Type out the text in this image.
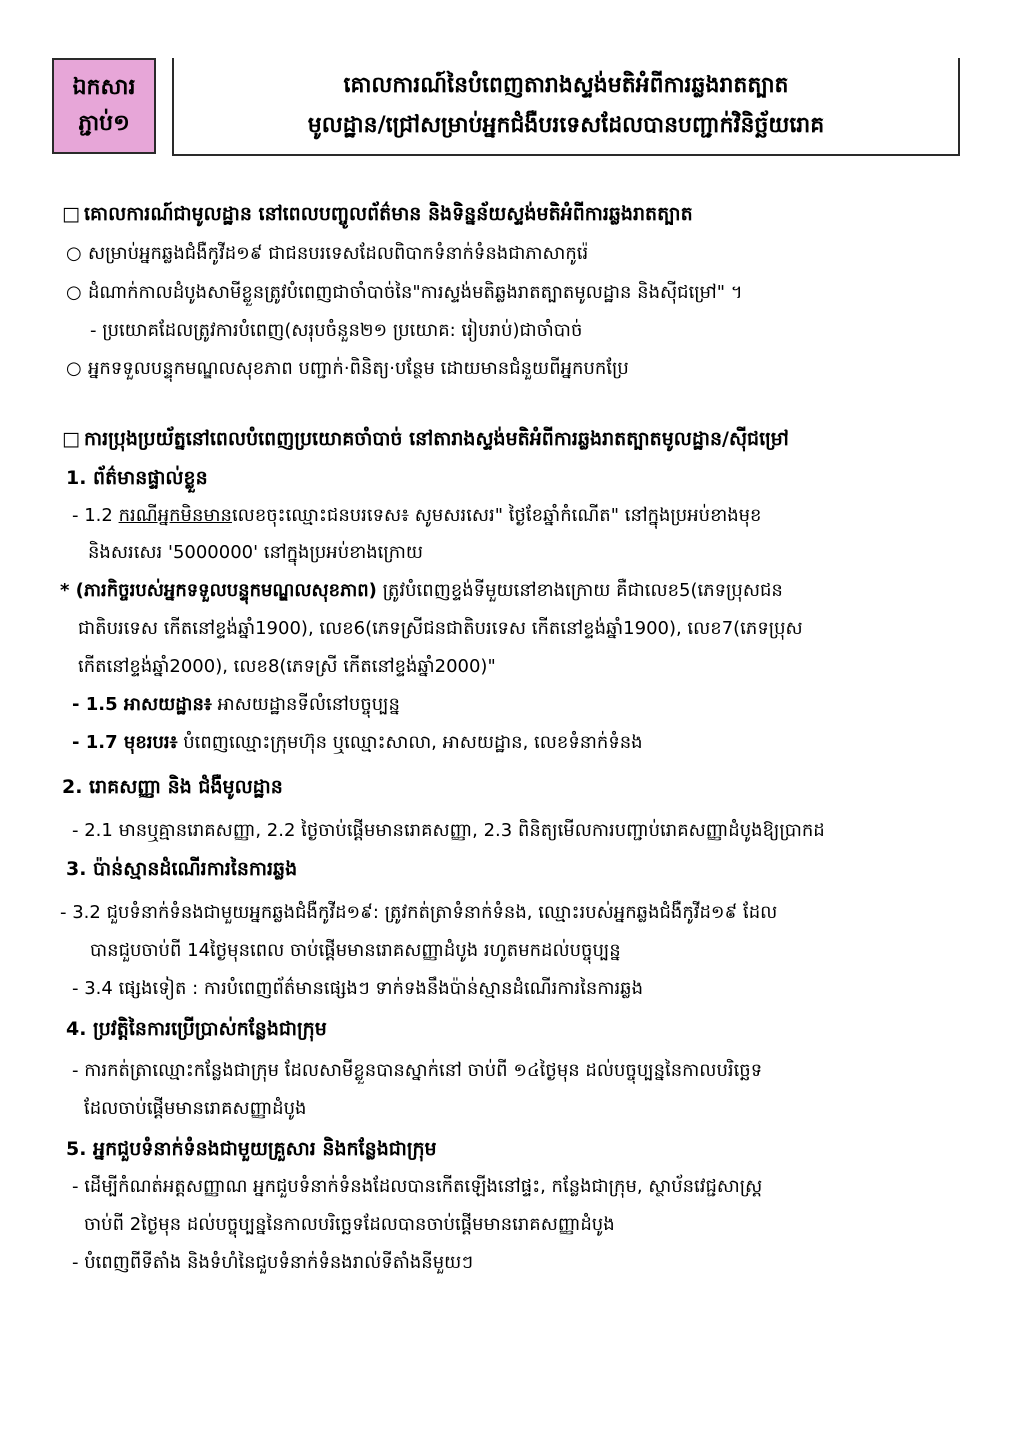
ឯកសារ
ភ្ជាប់១
គោលការណ៍នៃបំពេញតារាងស្ទង់មតិអំពីការឆ្លងរាតត្បាត
មូលដ្ឋាន/ជ្រៅសម្រាប់អ្នកជំងឺបរទេសដែលបានបញ្ជាក់វិនិច្ឆ័យរោគ
□ គោលការណ៍ជាមូលដ្ឋាន នៅពេលបញ្ចូលព័ត៌មាន និងទិន្នន័យស្ទង់មតិអំពីការឆ្លងរាតត្បាត
○ សម្រាប់អ្នកឆ្លងជំងឺកូវីដ១៩ ជាជនបរទេសដែលពិបាកទំនាក់ទំនងជាភាសាកូរ៉េ
○ ដំណាក់កាលដំបូងសាមីខ្លួនត្រូវបំពេញជាចាំបាច់នៃ"ការស្ទង់មតិឆ្លងរាតត្បាតមូលដ្ឋាន និងស៊ីជម្រៅ" ។
- ប្រយោគដែលត្រូវការបំពេញ(សរុបចំនួន២១ ប្រយោគ: រៀបរាប់)ជាចាំបាច់
○ អ្នកទទួលបន្ទុកមណ្ឌលសុខភាព បញ្ជាក់·ពិនិត្យ·បន្ថែម ដោយមានជំនួយពីអ្នកបកប្រែ
□ ការប្រុងប្រយ័ត្ននៅពេលបំពេញប្រយោគចាំបាច់ នៅតារាងស្ទង់មតិអំពីការឆ្លងរាតត្បាតមូលដ្ឋាន/ស៊ីជម្រៅ
1. ព័ត៌មានផ្ទាល់ខ្លួន
- 1.2 ករណីអ្នកមិនមានលេខចុះឈ្មោះជនបរទេស៖ សូមសរសេរ" ថ្ងៃខែឆ្នាំកំណើត" នៅក្នុងប្រអប់ខាងមុខ
និងសរសេរ '5000000' នៅក្នុងប្រអប់ខាងក្រោយ
* (ភារកិច្ចរបស់អ្នកទទួលបន្ទុកមណ្ឌលសុខភាព) ត្រូវបំពេញខ្ទង់ទីមួយនៅខាងក្រោយ គឺជាលេខ5(ភេទប្រុសជន
ជាតិបរទេស កើតនៅខ្ទង់ឆ្នាំ1900), លេខ6(ភេទស្រីជនជាតិបរទេស កើតនៅខ្ទង់ឆ្នាំ1900), លេខ7(ភេទប្រុស
កើតនៅខ្ទង់ឆ្នាំ2000), លេខ8(ភេទស្រី កើតនៅខ្ទង់ឆ្នាំ2000)"
- 1.5 អាសយដ្ឋាន៖ អាសយដ្ឋានទីលំនៅបច្ចុប្បន្ន
- 1.7 មុខរបរ៖ បំពេញឈ្មោះក្រុមហ៊ុន ឬឈ្មោះសាលា, អាសយដ្ឋាន, លេខទំនាក់ទំនង
2. រោគសញ្ញា និង ជំងឺមូលដ្ឋាន
- 2.1 មានឬគ្មានរោគសញ្ញា, 2.2 ថ្ងៃចាប់ផ្តើមមានរោគសញ្ញា, 2.3 ពិនិត្យមើលការបញ្ជាប់រោគសញ្ញាដំបូងឱ្យប្រាកដ
3. ប៉ាន់ស្មានដំណើរការនៃការឆ្លង
- 3.2 ជួបទំនាក់ទំនងជាមួយអ្នកឆ្លងជំងឺកូវីដ១៩: ត្រូវកត់ត្រាទំនាក់ទំនង, ឈ្មោះរបស់អ្នកឆ្លងជំងឺកូវីដ១៩ ដែល
បានជួបចាប់ពី 14ថ្ងៃមុនពេល ចាប់ផ្តើមមានរោគសញ្ញាដំបូង រហូតមកដល់បច្ចុប្បន្ន
- 3.4 ផ្សេងទៀត : ការបំពេញព័ត៌មានផ្សេងៗ ទាក់ទងនឹងប៉ាន់ស្មានដំណើរការនៃការឆ្លង
4. ប្រវត្តិនៃការប្រើប្រាស់កន្លែងជាក្រុម
- ការកត់ត្រាឈ្មោះកន្លែងជាក្រុម ដែលសាមីខ្លួនបានស្នាក់នៅ ចាប់ពី ១៤ថ្ងៃមុន ដល់បច្ចុប្បន្ននៃកាលបរិច្ឆេទ
ដែលចាប់ផ្តើមមានរោគសញ្ញាដំបូង
5. អ្នកជួបទំនាក់ទំនងជាមួយគ្រួសារ និងកន្លែងជាក្រុម
- ដើម្បីកំណត់អត្តសញ្ញាណ អ្នកជួបទំនាក់ទំនងដែលបានកើតឡើងនៅផ្ទះ, កន្លែងជាក្រុម, ស្ថាប័នវេជ្ជសាស្ត្រ
ចាប់ពី 2ថ្ងៃមុន ដល់បច្ចុប្បន្ននៃកាលបរិច្ឆេទដែលបានចាប់ផ្តើមមានរោគសញ្ញាដំបូង
- បំពេញពីទីតាំង និងទំហំនៃជួបទំនាក់ទំនងរាល់ទីតាំងនីមួយៗ
